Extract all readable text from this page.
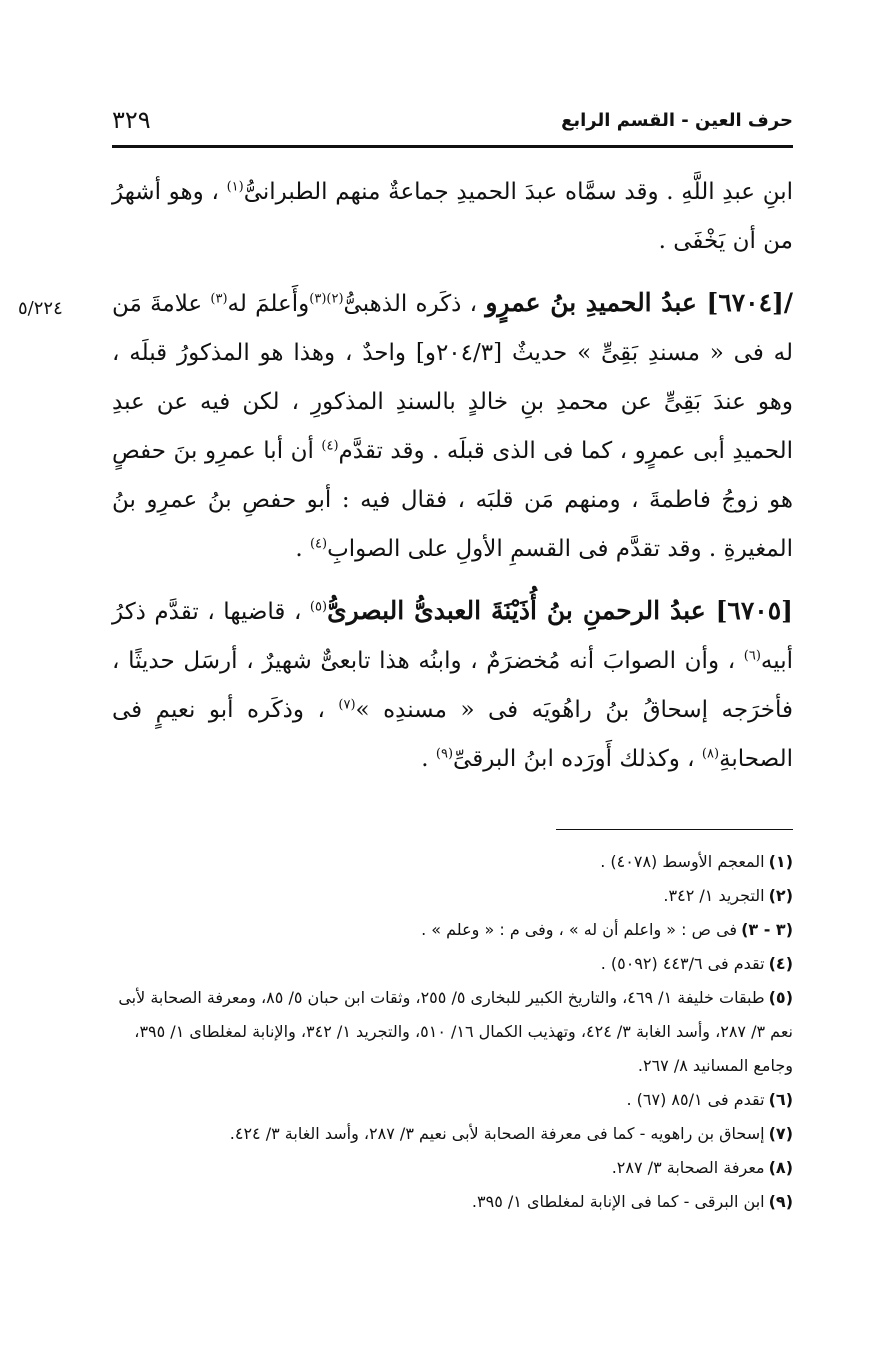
حرف العين - القسم الرابع
٣٢٩
٥/٢٢٤

ابنِ عبدِ اللَّهِ . وقد سمَّاه عبدَ الحميدِ جماعةٌ منهم الطبرانىُّ$^{(١)}$ ، وهو أشهرُ من أن يَخْفَى .

/[٦٧٠٤] عبدُ الحميدِ بنُ عمرٍو ، ذكَره الذهبىُّ$^{(٢)(٣)}$وأَعلمَ له$^{(٣)}$ علامةَ مَن له فى « مسندِ بَقِىٍّ » حديثٌ [٢٠٤/٣و] واحدٌ ، وهذا هو المذكورُ قبلَه ، وهو عندَ بَقِىٍّ عن محمدِ بنِ خالدٍ بالسندِ المذكورِ ، لكن فيه عن عبدِ الحميدِ أبى عمرٍو ، كما فى الذى قبلَه . وقد تقدَّم$^{(٤)}$ أن أبا عمرِو بنَ حفصٍ هو زوجُ فاطمةَ ، ومنهم مَن قلبَه ، فقال فيه : أبو حفصِ بنُ عمرِو بنُ المغيرةِ . وقد تقدَّم فى القسمِ الأولِ على الصوابِ$^{(٤)}$ .

[٦٧٠٥] عبدُ الرحمنِ بنُ أُذَيْنَةَ العبدىُّ البصرىُّ$^{(٥)}$ ، قاضيها ، تقدَّم ذكرُ أبيه$^{(٦)}$ ، وأن الصوابَ أنه مُخضرَمٌ ، وابنُه هذا تابعىٌّ شهيرٌ ، أرسَل حديثًا ، فأخرَجه إسحاقُ بنُ راهُويَه فى « مسندِه »$^{(٧)}$ ، وذكَره أبو نعيمٍ فى الصحابةِ$^{(٨)}$ ، وكذلك أَورَده ابنُ البرقىِّ$^{(٩)}$ .

(١)المعجم الأوسط (٤٠٧٨) .

(٢)التجريد ١/ ٣٤٢.

(٣ - ٣)فى ص : « واعلم أن له » ، وفى م : « وعلم » .

(٤)تقدم فى ٤٤٣/٦ (٥٠٩٢) .

(٥)طبقات خليفة ١/ ٤٦٩، والتاريخ الكبير للبخارى ٥/ ٢٥٥، وثقات ابن حبان ٥/ ٨٥، ومعرفة الصحابة لأبى نعم ٣/ ٢٨٧، وأسد الغابة ٣/ ٤٢٤، وتهذيب الكمال ١٦/ ٥١٠، والتجريد ١/ ٣٤٢، والإنابة لمغلطاى ١/ ٣٩٥، وجامع المسانيد ٨/ ٢٦٧.

(٦)تقدم فى ٨٥/١ (٦٧) .

(٧)إسحاق بن راهويه - كما فى معرفة الصحابة لأبى نعيم ٣/ ٢٨٧، وأسد الغابة ٣/ ٤٢٤.

(٨)معرفة الصحابة ٣/ ٢٨٧.

(٩)ابن البرقى - كما فى الإنابة لمغلطاى ١/ ٣٩٥.
